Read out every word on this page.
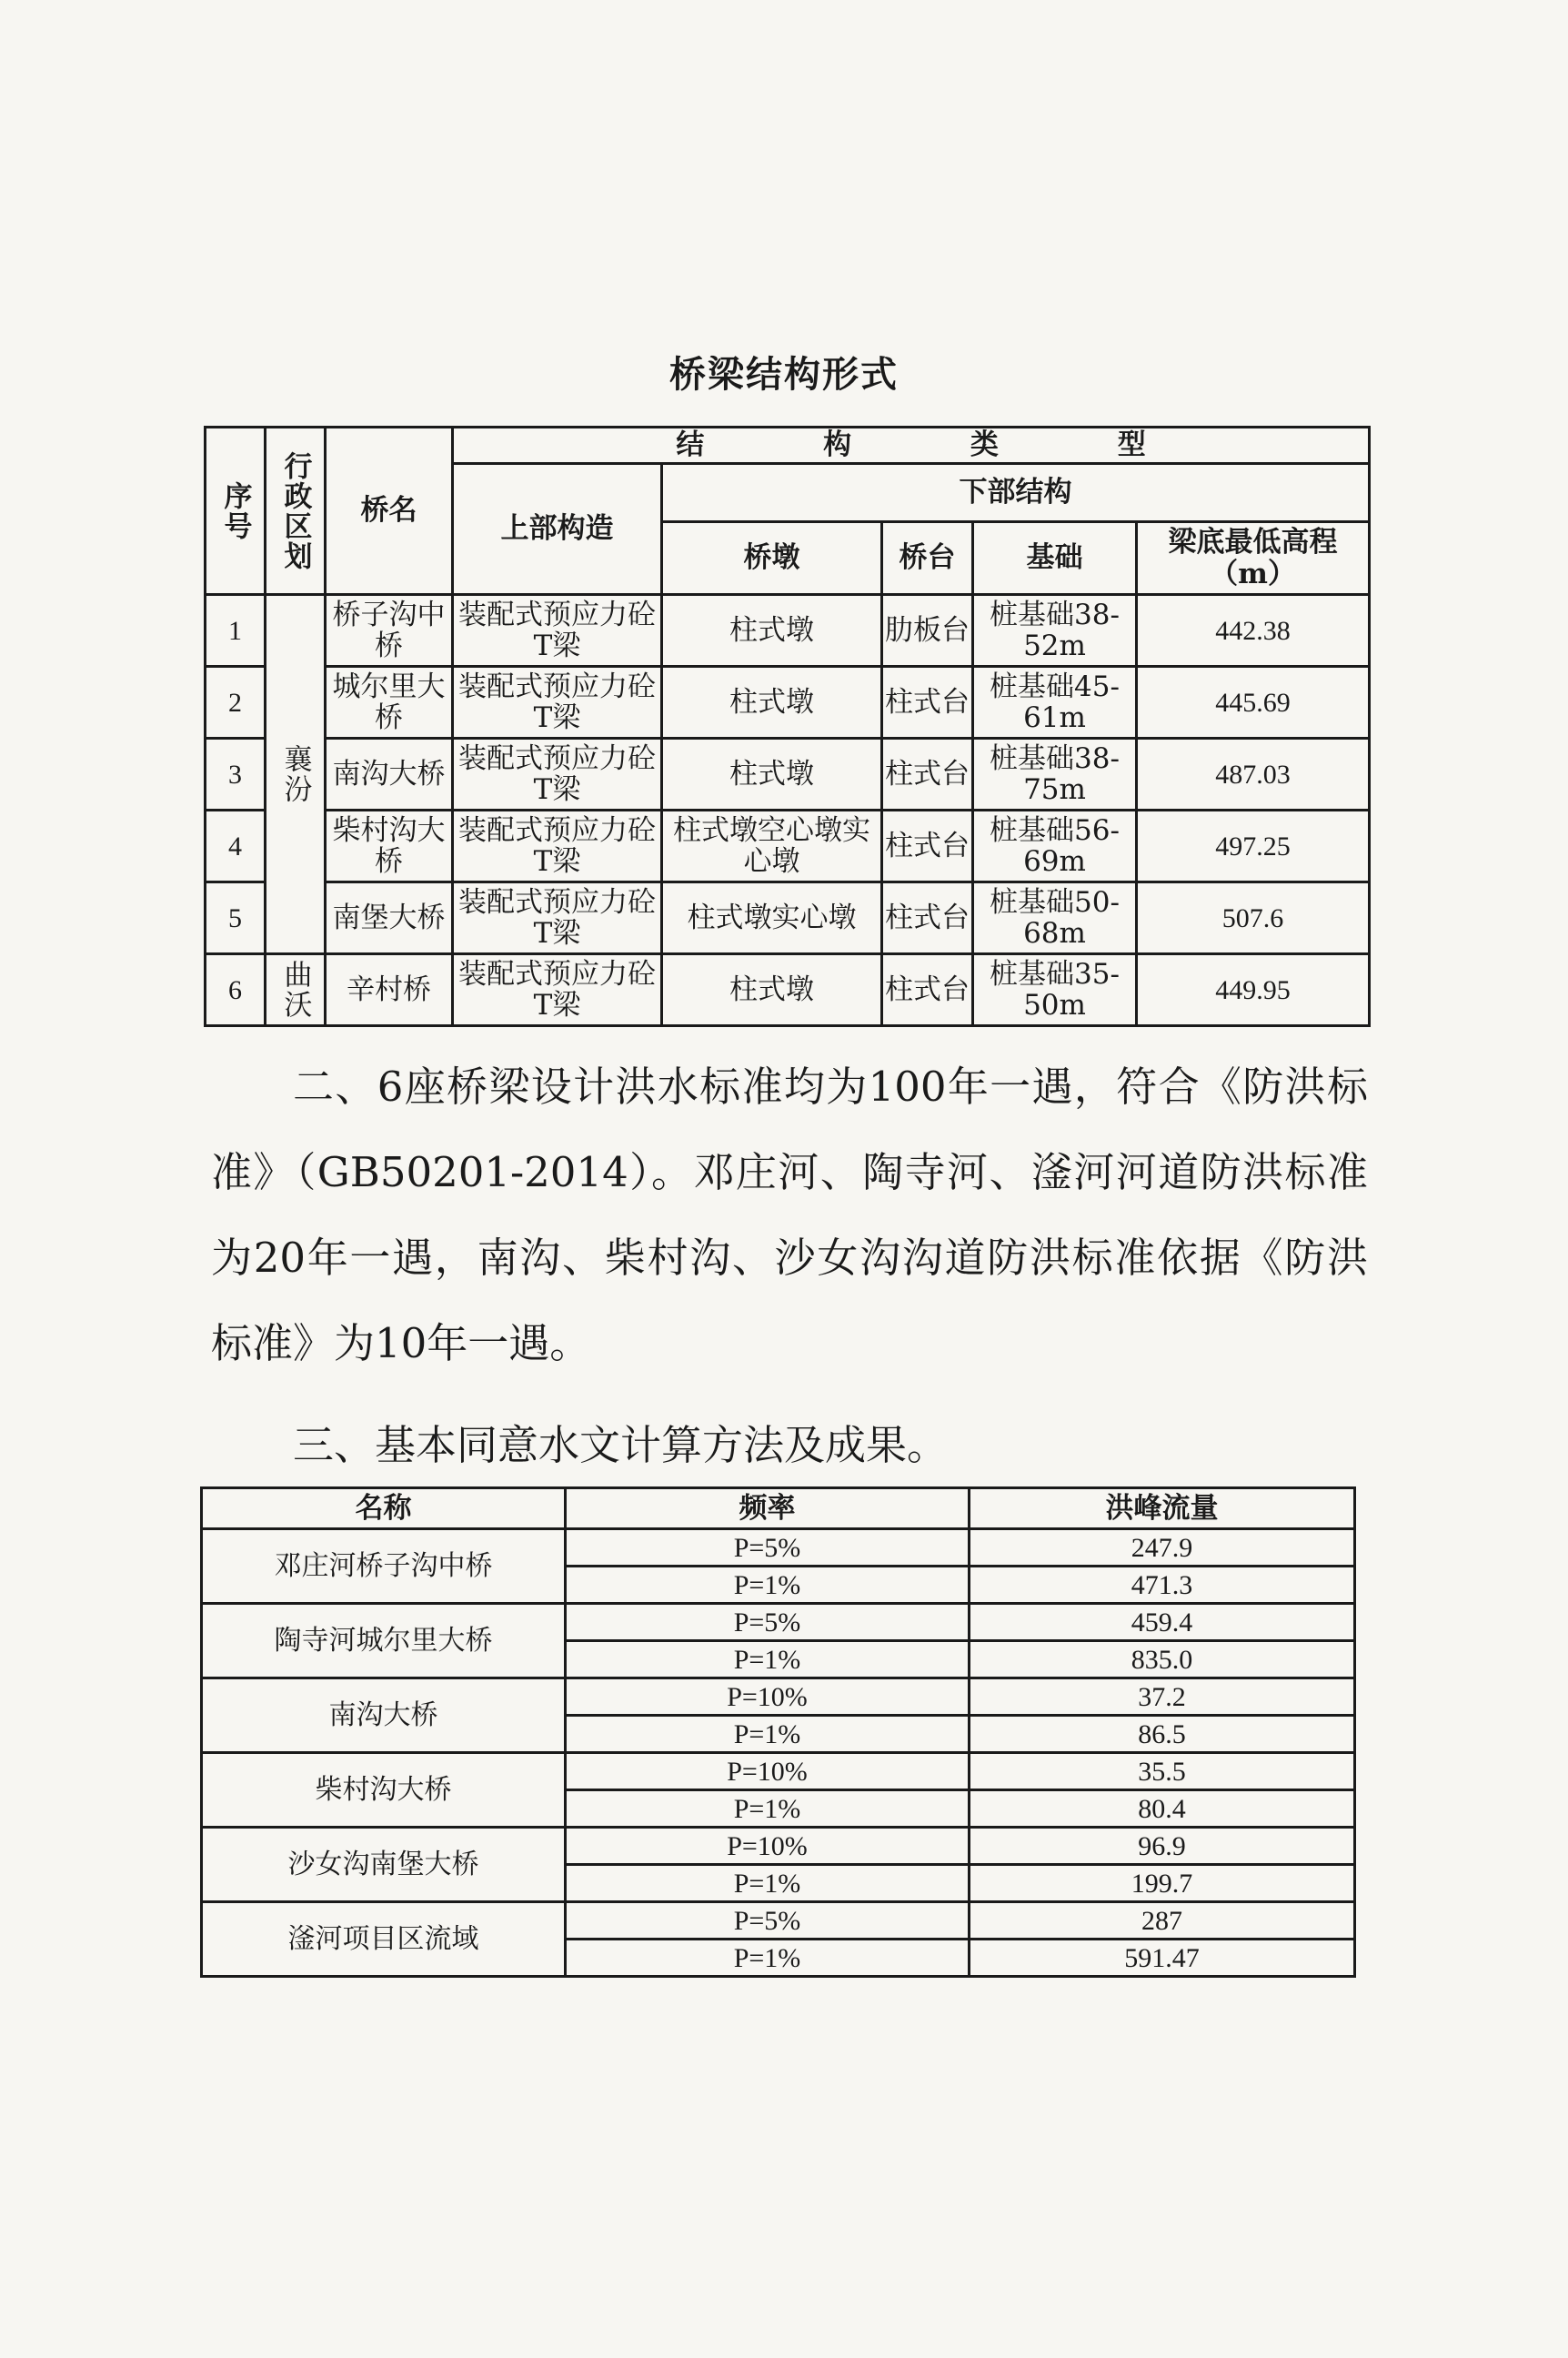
桥梁结构形式
序号	行政区划	桥名	结 构 类 型				
			上部构造	下部结构			
				桥墩	桥台	基础	梁底最低高程（m）
1	襄汾	桥子沟中桥	装配式预应力砼T梁	柱式墩	肋板台	桩基础38-52m	442.38
2		城尔里大桥	装配式预应力砼T梁	柱式墩	柱式台	桩基础45-61m	445.69
3		南沟大桥	装配式预应力砼T梁	柱式墩	柱式台	桩基础38-75m	487.03
4		柴村沟大桥	装配式预应力砼T梁	柱式墩空心墩实心墩	柱式台	桩基础56-69m	497.25
5		南堡大桥	装配式预应力砼T梁	柱式墩实心墩	柱式台	桩基础50-68m	507.6
6	曲沃	辛村桥	装配式预应力砼T梁	柱式墩	柱式台	桩基础35-50m	449.95

二、6座桥梁设计洪水标准均为100年一遇，符合《防洪标准》（GB50201-2014）。邓庄河、陶寺河、滏河河道防洪标准为20年一遇，南沟、柴村沟、沙女沟沟道防洪标准依据《防洪标准》为10年一遇。

三、基本同意水文计算方法及成果。

名称	频率	洪峰流量
邓庄河桥子沟中桥	P=5%	247.9
	P=1%	471.3
陶寺河城尔里大桥	P=5%	459.4
	P=1%	835.0
南沟大桥	P=10%	37.2
	P=1%	86.5
柴村沟大桥	P=10%	35.5
	P=1%	80.4
沙女沟南堡大桥	P=10%	96.9
	P=1%	199.7
滏河项目区流域	P=5%	287
	P=1%	591.47
